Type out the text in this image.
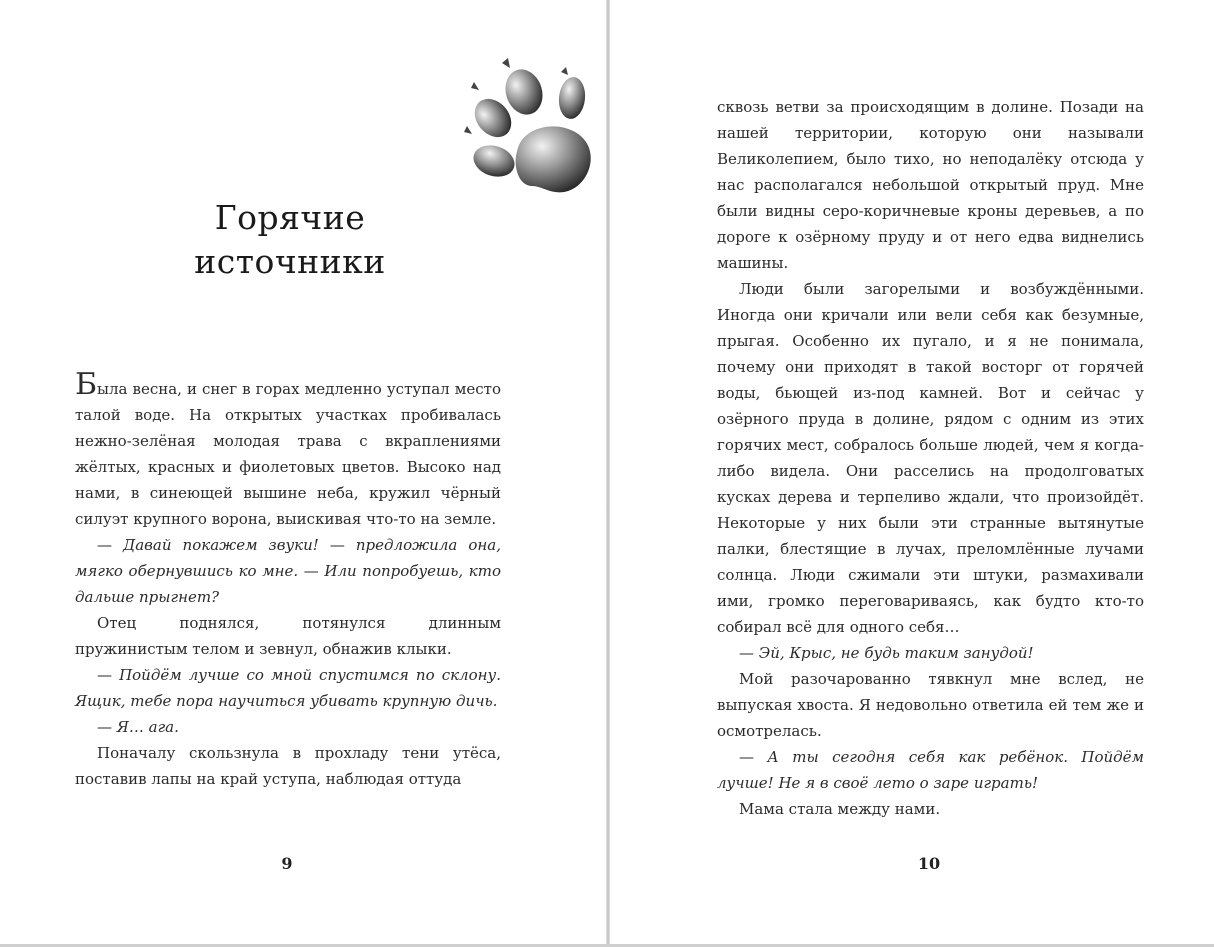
Горячие
источники

Была весна, и снег в горах медленно уступал место талой воде. На открытых участках пробивалась нежно-зелёная молодая трава с вкраплениями жёлтых, красных и фиолетовых цветов. Высоко над нами, в синеющей вышине неба, кружил чёрный силуэт крупного ворона, выискивая что-то на земле.

— Давай покажем звуки! — предложила она, мягко обернувшись ко мне. — Или попробуешь, кто дальше прыгнет?

Отец поднялся, потянулся длинным пружинистым телом и зевнул, обнажив клыки.

— Пойдём лучше со мной спустимся по склону. Ящик, тебе пора научиться убивать крупную дичь.

— Я… ага.

Поначалу скользнула в прохладу тени утёса, поставив лапы на край уступа, наблюдая оттуда

9

сквозь ветви за происходящим в долине. Позади на нашей территории, которую они называли Великолепием, было тихо, но неподалёку отсюда у нас располагался небольшой открытый пруд. Мне были видны серо-коричневые кроны деревьев, а по дороге к озёрному пруду и от него едва виднелись машины.

Люди были загорелыми и возбуждёнными. Иногда они кричали или вели себя как безумные, прыгая. Особенно их пугало, и я не понимала, почему они приходят в такой восторг от горячей воды, бьющей из-под камней. Вот и сейчас у озёрного пруда в долине, рядом с одним из этих горячих мест, собралось больше людей, чем я когда-либо видела. Они расселись на продолговатых кусках дерева и терпеливо ждали, что произойдёт. Некоторые у них были эти странные вытянутые палки, блестящие в лучах, преломлённые лучами солнца. Люди сжимали эти штуки, размахивали ими, громко переговариваясь, как будто кто-то собирал всё для одного себя…

— Эй, Крыс, не будь таким занудой!

Мой разочарованно тявкнул мне вслед, не выпуская хвоста. Я недовольно ответила ей тем же и осмотрелась.

— А ты сегодня себя как ребёнок. Пойдём лучше! Не я в своё лето о заре играть!

Мама стала между нами.

10
